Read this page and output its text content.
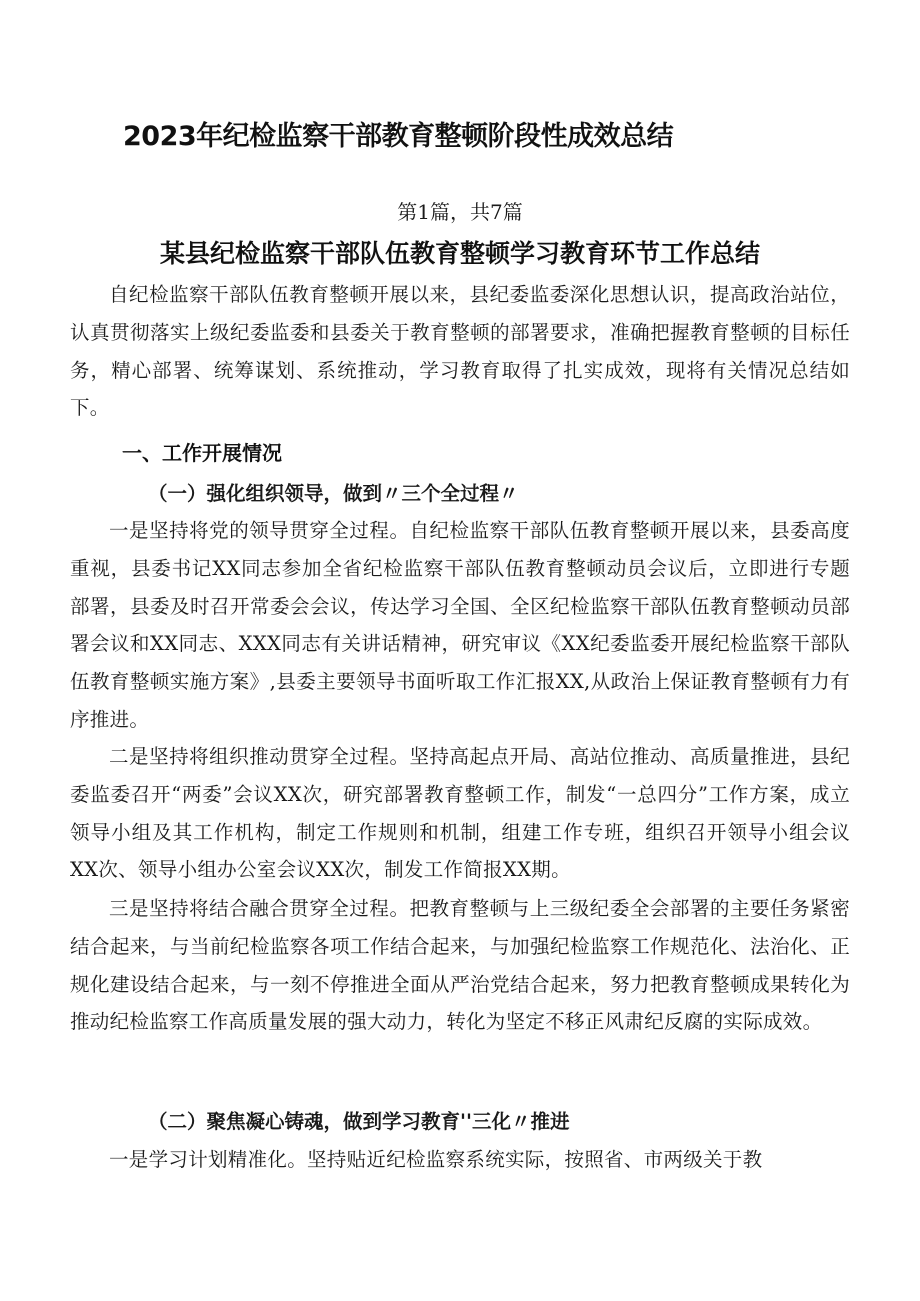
2023年纪检监察干部教育整顿阶段性成效总结
第1篇，共7篇
某县纪检监察干部队伍教育整顿学习教育环节工作总结

自纪检监察干部队伍教育整顿开展以来，县纪委监委深化思想认识，提高政治站位，认真贯彻落实上级纪委监委和县委关于教育整顿的部署要求，准确把握教育整顿的目标任务，精心部署、统筹谋划、系统推动，学习教育取得了扎实成效，现将有关情况总结如下。

一、工作开展情况
（一）强化组织领导，做到〃三个全过程〃

一是坚持将党的领导贯穿全过程。自纪检监察干部队伍教育整顿开展以来，县委高度重视，县委书记XX同志参加全省纪检监察干部队伍教育整顿动员会议后，立即进行专题部署，县委及时召开常委会会议，传达学习全国、全区纪检监察干部队伍教育整顿动员部署会议和XX同志、XXX同志有关讲话精神，研究审议《XX纪委监委开展纪检监察干部队伍教育整顿实施方案》,县委主要领导书面听取工作汇报XX,从政治上保证教育整顿有力有序推进。

二是坚持将组织推动贯穿全过程。坚持高起点开局、高站位推动、高质量推进，县纪委监委召开“两委”会议XX次，研究部署教育整顿工作，制发“一总四分”工作方案，成立领导小组及其工作机构，制定工作规则和机制，组建工作专班，组织召开领导小组会议XX次、领导小组办公室会议XX次，制发工作简报XX期。

三是坚持将结合融合贯穿全过程。把教育整顿与上三级纪委全会部署的主要任务紧密结合起来，与当前纪检监察各项工作结合起来，与加强纪检监察工作规范化、法治化、正规化建设结合起来，与一刻不停推进全面从严治党结合起来，努力把教育整顿成果转化为推动纪检监察工作高质量发展的强大动力，转化为坚定不移正风肃纪反腐的实际成效。

（二）聚焦凝心铸魂，做到学习教育''三化〃推进

一是学习计划精准化。坚持贴近纪检监察系统实际，按照省、市两级关于教
